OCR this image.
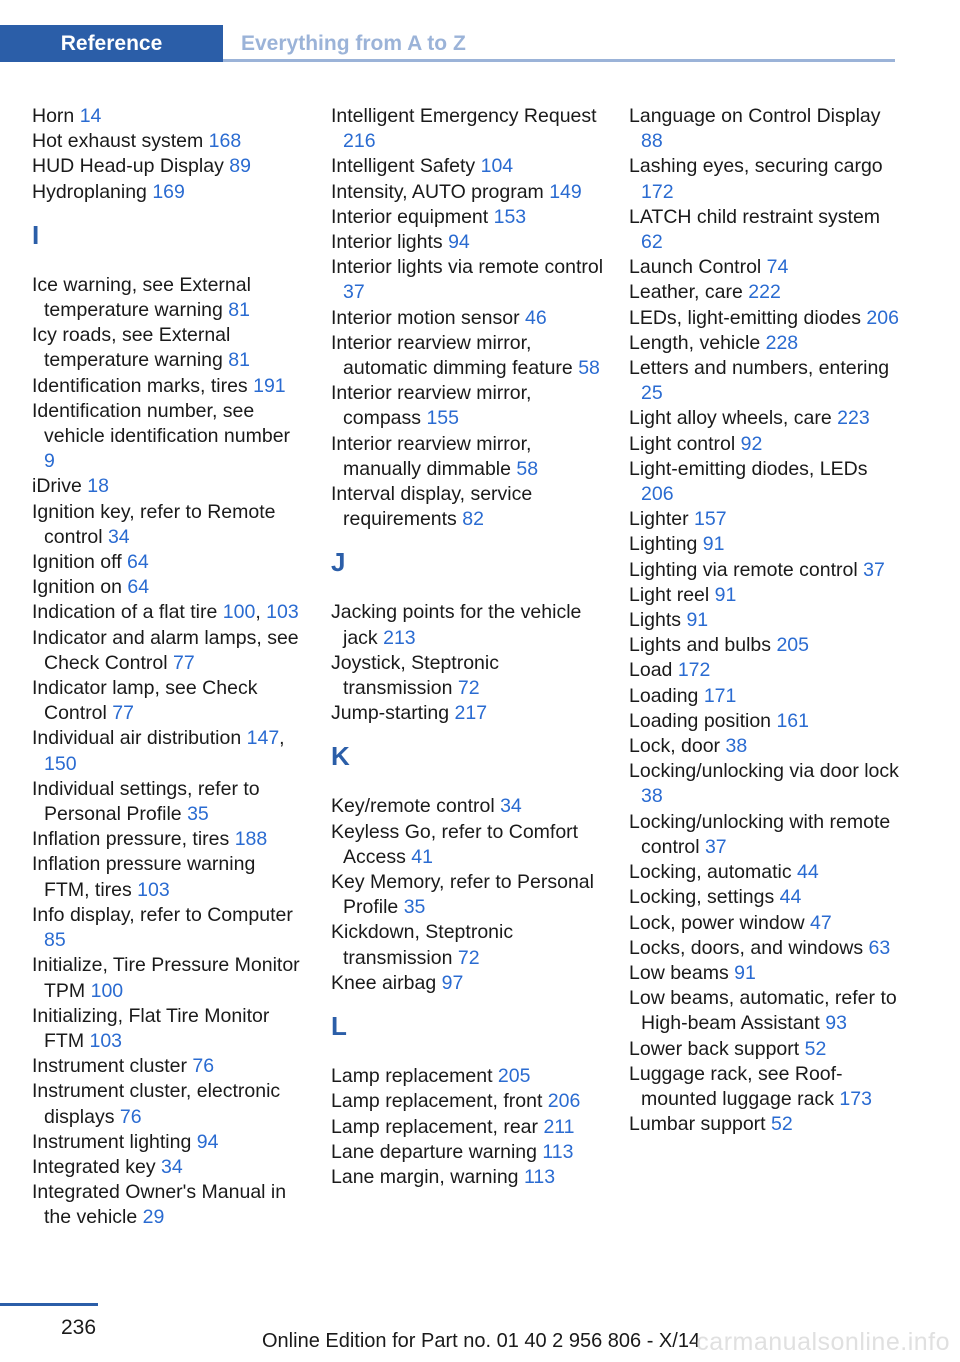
Reference	Everything from A to Z
Horn 14
Hot exhaust system 168
HUD Head-up Display 89
Hydroplaning 169
I
Ice warning, see External temperature warning 81
Icy roads, see External temperature warning 81
Identification marks, tires 191
Identification number, see vehicle identification number 9
iDrive 18
Ignition key, refer to Remote control 34
Ignition off 64
Ignition on 64
Indication of a flat tire 100, 103
Indicator and alarm lamps, see Check Control 77
Indicator lamp, see Check Control 77
Individual air distribution 147, 150
Individual settings, refer to Personal Profile 35
Inflation pressure, tires 188
Inflation pressure warning FTM, tires 103
Info display, refer to Computer 85
Initialize, Tire Pressure Monitor TPM 100
Initializing, Flat Tire Monitor FTM 103
Instrument cluster 76
Instrument cluster, electronic displays 76
Instrument lighting 94
Integrated key 34
Integrated Owner's Manual in the vehicle 29
Intelligent Emergency Request 216
Intelligent Safety 104
Intensity, AUTO program 149
Interior equipment 153
Interior lights 94
Interior lights via remote control 37
Interior motion sensor 46
Interior rearview mirror, automatic dimming feature 58
Interior rearview mirror, compass 155
Interior rearview mirror, manually dimmable 58
Interval display, service requirements 82
J
Jacking points for the vehicle jack 213
Joystick, Steptronic transmission 72
Jump-starting 217
K
Key/remote control 34
Keyless Go, refer to Comfort Access 41
Key Memory, refer to Personal Profile 35
Kickdown, Steptronic transmission 72
Knee airbag 97
L
Lamp replacement 205
Lamp replacement, front 206
Lamp replacement, rear 211
Lane departure warning 113
Lane margin, warning 113
Language on Control Display 88
Lashing eyes, securing cargo 172
LATCH child restraint system 62
Launch Control 74
Leather, care 222
LEDs, light-emitting diodes 206
Length, vehicle 228
Letters and numbers, entering 25
Light alloy wheels, care 223
Light control 92
Light-emitting diodes, LEDs 206
Lighter 157
Lighting 91
Lighting via remote control 37
Light reel 91
Lights 91
Lights and bulbs 205
Load 172
Loading 171
Loading position 161
Lock, door 38
Locking/unlocking via door lock 38
Locking/unlocking with remote control 37
Locking, automatic 44
Locking, settings 44
Lock, power window 47
Locks, doors, and windows 63
Low beams 91
Low beams, automatic, refer to High-beam Assistant 93
Lower back support 52
Luggage rack, see Roof-mounted luggage rack 173
Lumbar support 52
236
Online Edition for Part no. 01 40 2 956 806 - X/14
carmanualsonline.info
